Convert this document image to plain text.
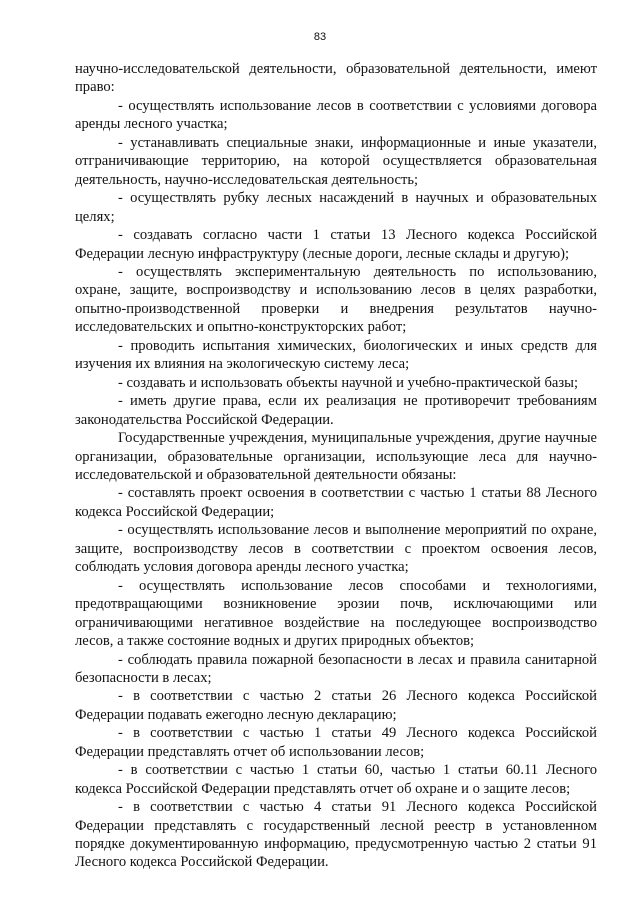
83

научно-исследовательской деятельности, образовательной деятельности, имеют право:

- осуществлять использование лесов в соответствии с условиями договора аренды лесного участка;

- устанавливать специальные знаки, информационные и иные указатели, отграничивающие территорию, на которой осуществляется образовательная деятельность, научно-исследовательская деятельность;

- осуществлять рубку лесных насаждений в научных и образовательных целях;

- создавать согласно части 1 статьи 13 Лесного кодекса Российской Федерации лесную инфраструктуру (лесные дороги, лесные склады и другую);

- осуществлять экспериментальную деятельность по использованию, охране, защите, воспроизводству и использованию лесов в целях разработки, опытно-производственной проверки и внедрения результатов научно-исследовательских и опытно-конструкторских работ;

- проводить испытания химических, биологических и иных средств для изучения их влияния на экологическую систему леса;

- создавать и использовать объекты научной и учебно-практической базы;

- иметь другие права, если их реализация не противоречит требованиям законодательства Российской Федерации.

Государственные учреждения, муниципальные учреждения, другие научные организации, образовательные организации, использующие леса для научно-исследовательской и образовательной деятельности обязаны:

- составлять проект освоения в соответствии с частью 1 статьи 88 Лесного кодекса Российской Федерации;

- осуществлять использование лесов и выполнение мероприятий по охране, защите, воспроизводству лесов в соответствии с проектом освоения лесов, соблюдать условия договора аренды лесного участка;

- осуществлять использование лесов способами и технологиями, предотвращающими возникновение эрозии почв, исключающими или ограничивающими негативное воздействие на последующее воспроизводство лесов, а также состояние водных и других природных объектов;

- соблюдать правила пожарной безопасности в лесах и правила санитарной безопасности в лесах;

- в соответствии с частью 2 статьи 26 Лесного кодекса Российской Федерации подавать ежегодно лесную декларацию;

- в соответствии с частью 1 статьи 49 Лесного кодекса Российской Федерации представлять отчет об использовании лесов;

- в соответствии с частью 1 статьи 60, частью 1 статьи 60.11 Лесного кодекса Российской Федерации представлять отчет об охране и о защите лесов;

- в соответствии с частью 4 статьи 91 Лесного кодекса Российской Федерации представлять с государственный лесной реестр в установленном порядке документированную информацию, предусмотренную частью 2 статьи 91 Лесного кодекса Российской Федерации.
